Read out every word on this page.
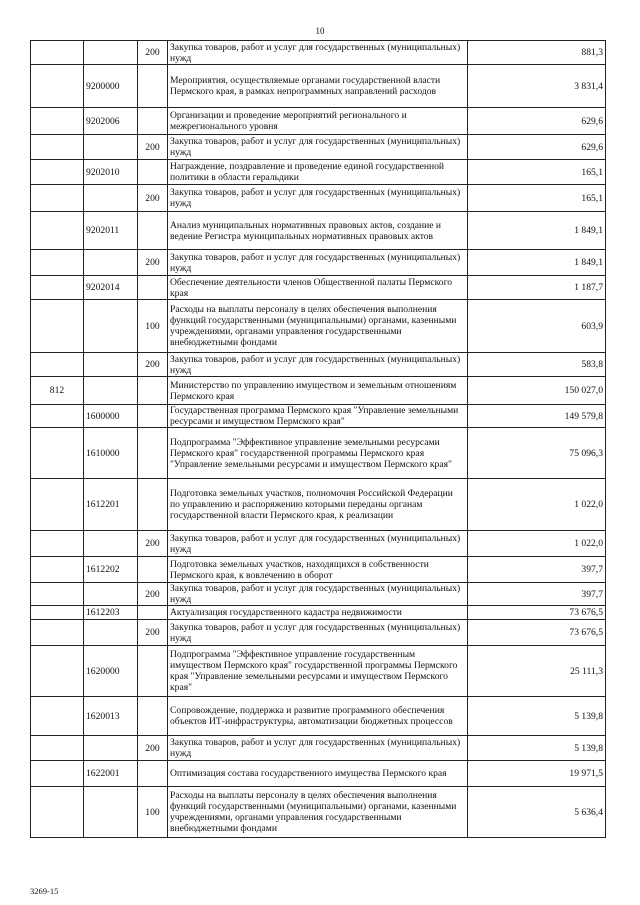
10
		200	Закупка товаров, работ и услуг для государственных (муниципальных) нужд	881,3
	9200000		Мероприятия, осуществляемые органами государственной власти Пермского края, в рамках непрограммных направлений расходов	3 831,4
	9202006		Организации и проведение мероприятий регионального и межрегионального уровня	629,6
		200	Закупка товаров, работ и услуг для государственных (муниципальных) нужд	629,6
	9202010		Награждение, поздравление и проведение единой государственной политики в области геральдики	165,1
		200	Закупка товаров, работ и услуг для государственных (муниципальных) нужд	165,1
	9202011		Анализ муниципальных нормативных правовых актов, создание и ведение Регистра муниципальных нормативных правовых актов	1 849,1
		200	Закупка товаров, работ и услуг для государственных (муниципальных) нужд	1 849,1
	9202014		Обеспечение деятельности членов Общественной палаты Пермского края	1 187,7
		100	Расходы на выплаты персоналу в целях обеспечения выполнения функций государственными (муниципальными) органами, казенными учреждениями, органами управления государственными внебюджетными фондами	603,9
		200	Закупка товаров, работ и услуг для государственных (муниципальных) нужд	583,8
812			Министерство по управлению имуществом и земельным отношениям Пермского края	150 027,0
	1600000		Государственная программа Пермского края "Управление земельными ресурсами и имуществом Пермского края"	149 579,8
	1610000		Подпрограмма "Эффективное управление земельными ресурсами Пермского края" государственной программы Пермского края "Управление земельными ресурсами и имуществом Пермского края"	75 096,3
	1612201		Подготовка земельных участков, полномочия Российской Федерации по управлению и распоряжению которыми переданы органам государственной власти Пермского края, к реализации	1 022,0
		200	Закупка товаров, работ и услуг для государственных (муниципальных) нужд	1 022,0
	1612202		Подготовка земельных участков, находящихся в собственности Пермского края, к вовлечению в оборот	397,7
		200	Закупка товаров, работ и услуг для государственных (муниципальных) нужд	397,7
	1612203		Актуализация государственного кадастра недвижимости	73 676,5
		200	Закупка товаров, работ и услуг для государственных (муниципальных) нужд	73 676,5
	1620000		Подпрограмма "Эффективное управление государственным имуществом Пермского края" государственной программы Пермского края "Управление земельными ресурсами и имуществом Пермского края"	25 111,3
	1620013		Сопровождение, поддержка и развитие программного обеспечения объектов ИТ-инфраструктуры, автоматизации бюджетных процессов	5 139,8
		200	Закупка товаров, работ и услуг для государственных (муниципальных) нужд	5 139,8
	1622001		Оптимизация состава государственного имущества Пермского края	19 971,5
		100	Расходы на выплаты персоналу в целях обеспечения выполнения функций государственными (муниципальными) органами, казенными учреждениями, органами управления государственными внебюджетными фондами	5 636,4
3269-15
